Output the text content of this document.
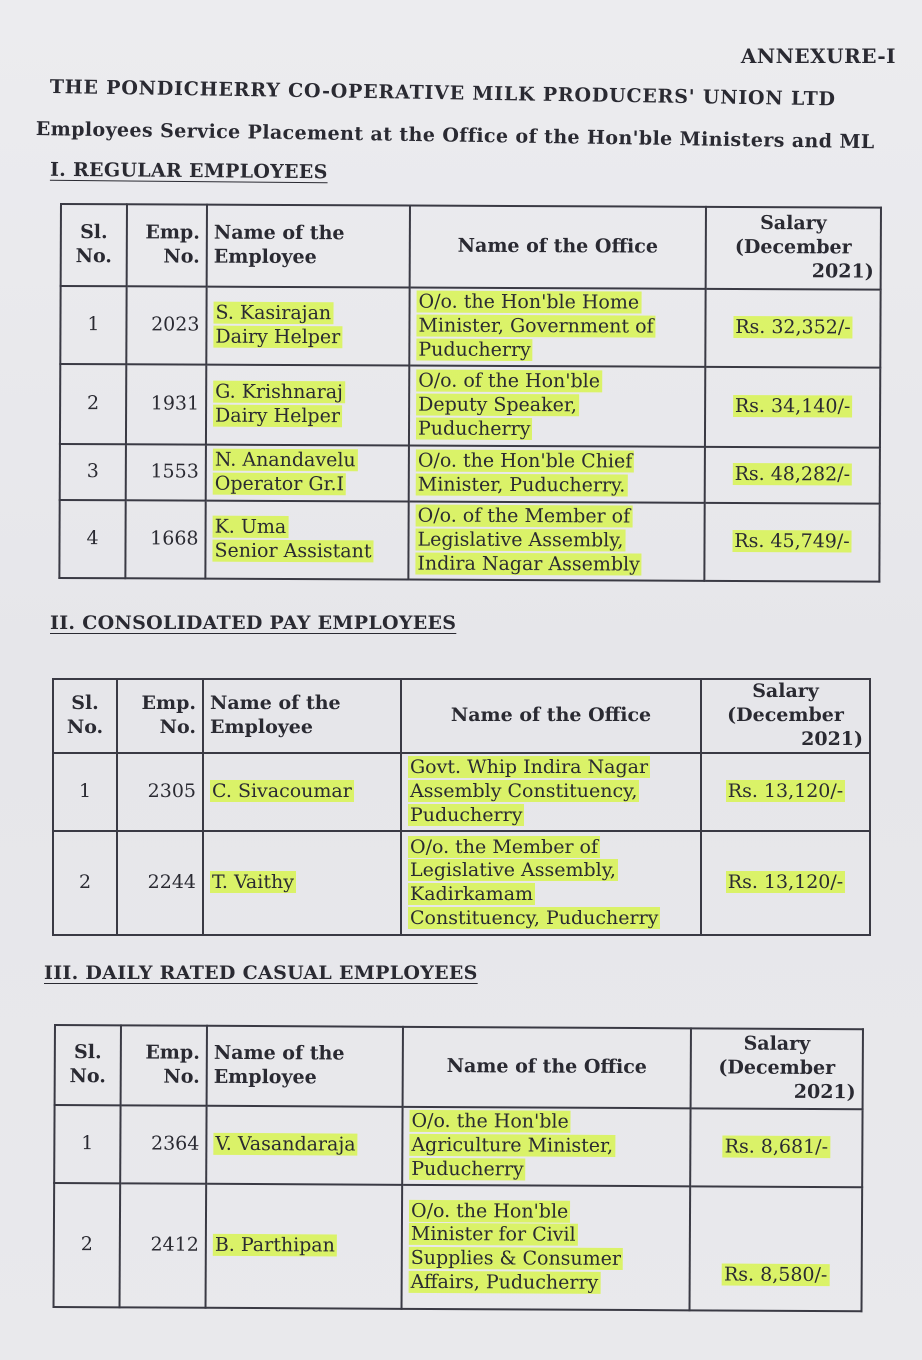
ANNEXURE-I
THE PONDICHERRY CO-OPERATIVE MILK PRODUCERS' UNION LTD
Employees Service Placement at the Office of the Hon'ble Ministers and ML
I. REGULAR EMPLOYEES
Sl.
No.	Emp.
No.	Name of the
Employee	Name of the Office	Salary
(December
2021)

1	2023	S. Kasirajan
Dairy Helper	O/o. the Hon'ble Home
Minister, Government of
Puducherry	Rs. 32,352/-
2	1931	G. Krishnaraj
Dairy Helper	O/o. of the Hon'ble
Deputy Speaker,
Puducherry	Rs. 34,140/-
3	1553	N. Anandavelu
Operator Gr.I	O/o. the Hon'ble Chief
Minister, Puducherry.	Rs. 48,282/-
4	1668	K. Uma
Senior Assistant	O/o. of the Member of
Legislative Assembly,
Indira Nagar Assembly	Rs. 45,749/-
II. CONSOLIDATED PAY EMPLOYEES
Sl.
No.	Emp.
No.	Name of the
Employee	Name of the Office	Salary
(December
2021)

1	2305	C. Sivacoumar	Govt. Whip Indira Nagar
Assembly Constituency,
Puducherry	Rs. 13,120/-
2	2244	T. Vaithy	O/o. the Member of
Legislative Assembly,
Kadirkamam
Constituency, Puducherry	Rs. 13,120/-
III. DAILY RATED CASUAL EMPLOYEES
Sl.
No.	Emp.
No.	Name of the
Employee	Name of the Office	Salary
(December
2021)

1	2364	V. Vasandaraja	O/o. the Hon'ble
Agriculture Minister,
Puducherry	Rs. 8,681/-
2	2412	B. Parthipan	O/o. the Hon'ble
Minister for Civil
Supplies & Consumer
Affairs, Puducherry	Rs. 8,580/-
